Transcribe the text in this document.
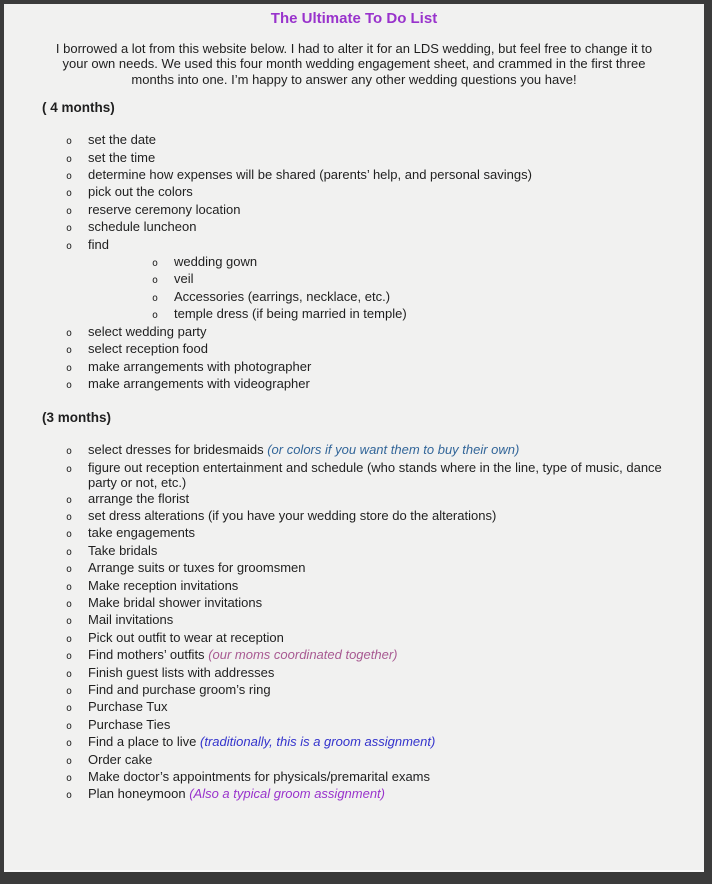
The Ultimate To Do List
I borrowed a lot from this website below. I had to alter it for an LDS wedding, but feel free to change it to
your own needs. We used this four month wedding engagement sheet, and crammed in the first three
months into one. I’m happy to answer any other wedding questions you have!
( 4 months)
o	set the date
o	set the time
o	determine how expenses will be shared (parents’ help, and personal savings)
o	pick out the colors
o	reserve ceremony location
o	schedule luncheon
o	find
o	wedding gown
o	veil
o	Accessories (earrings, necklace, etc.)
o	temple dress (if being married in temple)
o	select wedding party
o	select reception food
o	make arrangements with photographer
o	make arrangements with videographer
(3 months)
o	select dresses for bridesmaids (or colors if you want them to buy their own)
o	figure out reception entertainment and schedule (who stands where in the line, type of music, dance party or not, etc.)
o	arrange the florist
o	set dress alterations (if you have your wedding store do the alterations)
o	take engagements
o	Take bridals
o	Arrange suits or tuxes for groomsmen
o	Make reception invitations
o	Make bridal shower invitations
o	Mail invitations
o	Pick out outfit to wear at reception
o	Find mothers’ outfits (our moms coordinated together)
o	Finish guest lists with addresses
o	Find and purchase groom’s ring
o	Purchase Tux
o	Purchase Ties
o	Find a place to live (traditionally, this is a groom assignment)
o	Order cake
o	Make doctor’s appointments for physicals/premarital exams
o	Plan honeymoon (Also a typical groom assignment)
